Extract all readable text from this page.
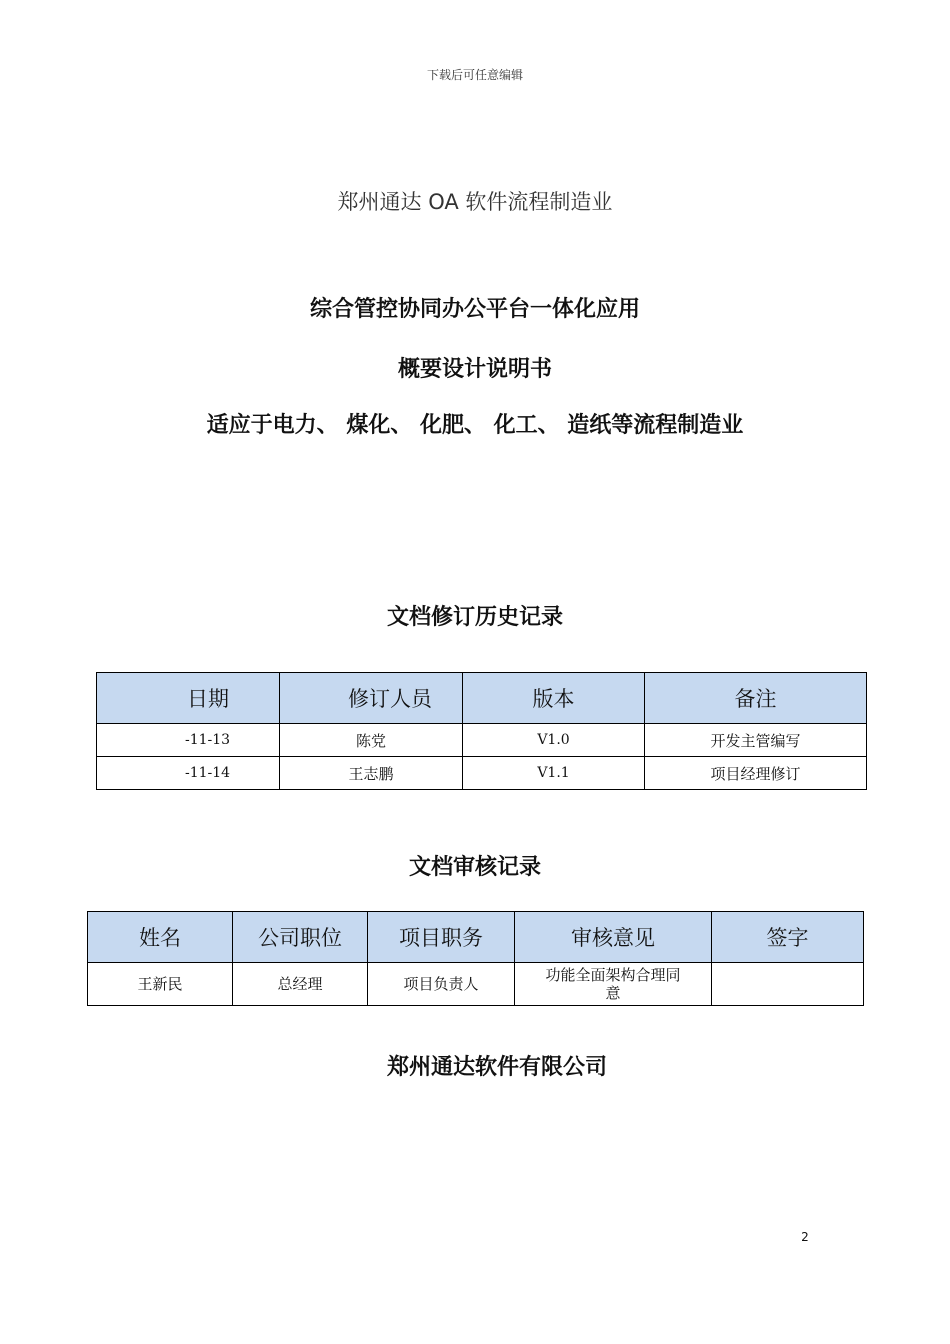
下载后可任意编辑
郑州通达 OA 软件流程制造业
综合管控协同办公平台一体化应用
概要设计说明书
适应于电力、 煤化、 化肥、 化工、 造纸等流程制造业
文档修订历史记录
日期	修订人员	版本	备注
-11-13	陈党	V1.0	开发主管编写
-11-14	王志鹏	V1.1	项目经理修订
文档审核记录
姓名	公司职位	项目职务	审核意见	签字
王新民	总经理	项目负责人	功能全面架构合理同意	
郑州通达软件有限公司
2
